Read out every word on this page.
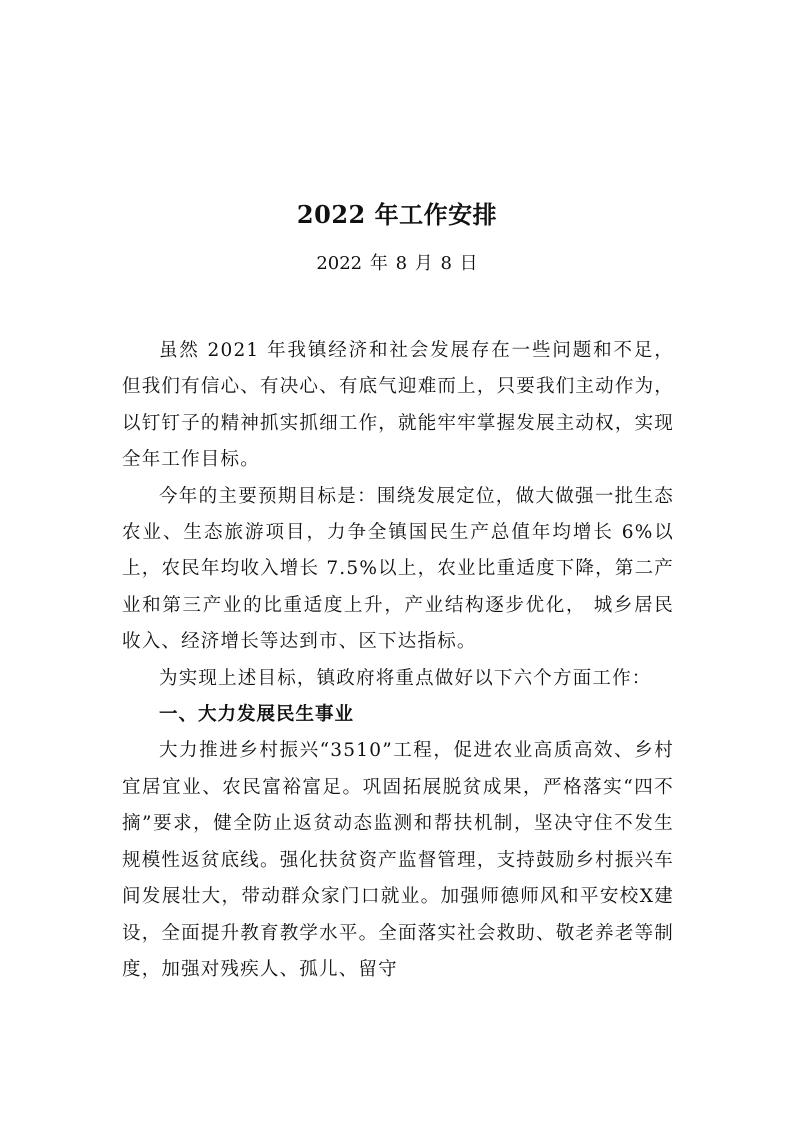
2022 年工作安排
2022 年 8 月 8 日

虽然 2021 年我镇经济和社会发展存在一些问题和不足，但我们有信心、有决心、有底气迎难而上，只要我们主动作为，以钉钉子的精神抓实抓细工作，就能牢牢掌握发展主动权，实现全年工作目标。

今年的主要预期目标是：围绕发展定位，做大做强一批生态农业、生态旅游项目，力争全镇国民生产总值年均增长 6%以上，农民年均收入增长 7.5%以上，农业比重适度下降，第二产业和第三产业的比重适度上升，产业结构逐步优化， 城乡居民收入、经济增长等达到市、区下达指标。

为实现上述目标，镇政府将重点做好以下六个方面工作：

一、大力发展民生事业

大力推进乡村振兴“3510”工程，促进农业高质高效、乡村宜居宜业、农民富裕富足。巩固拓展脱贫成果，严格落实“四不摘”要求，健全防止返贫动态监测和帮扶机制，坚决守住不发生规模性返贫底线。强化扶贫资产监督管理，支持鼓励乡村振兴车间发展壮大，带动群众家门口就业。加强师德师风和平安校X建设，全面提升教育教学水平。全面落实社会救助、敬老养老等制度，加强对残疾人、孤儿、留守
